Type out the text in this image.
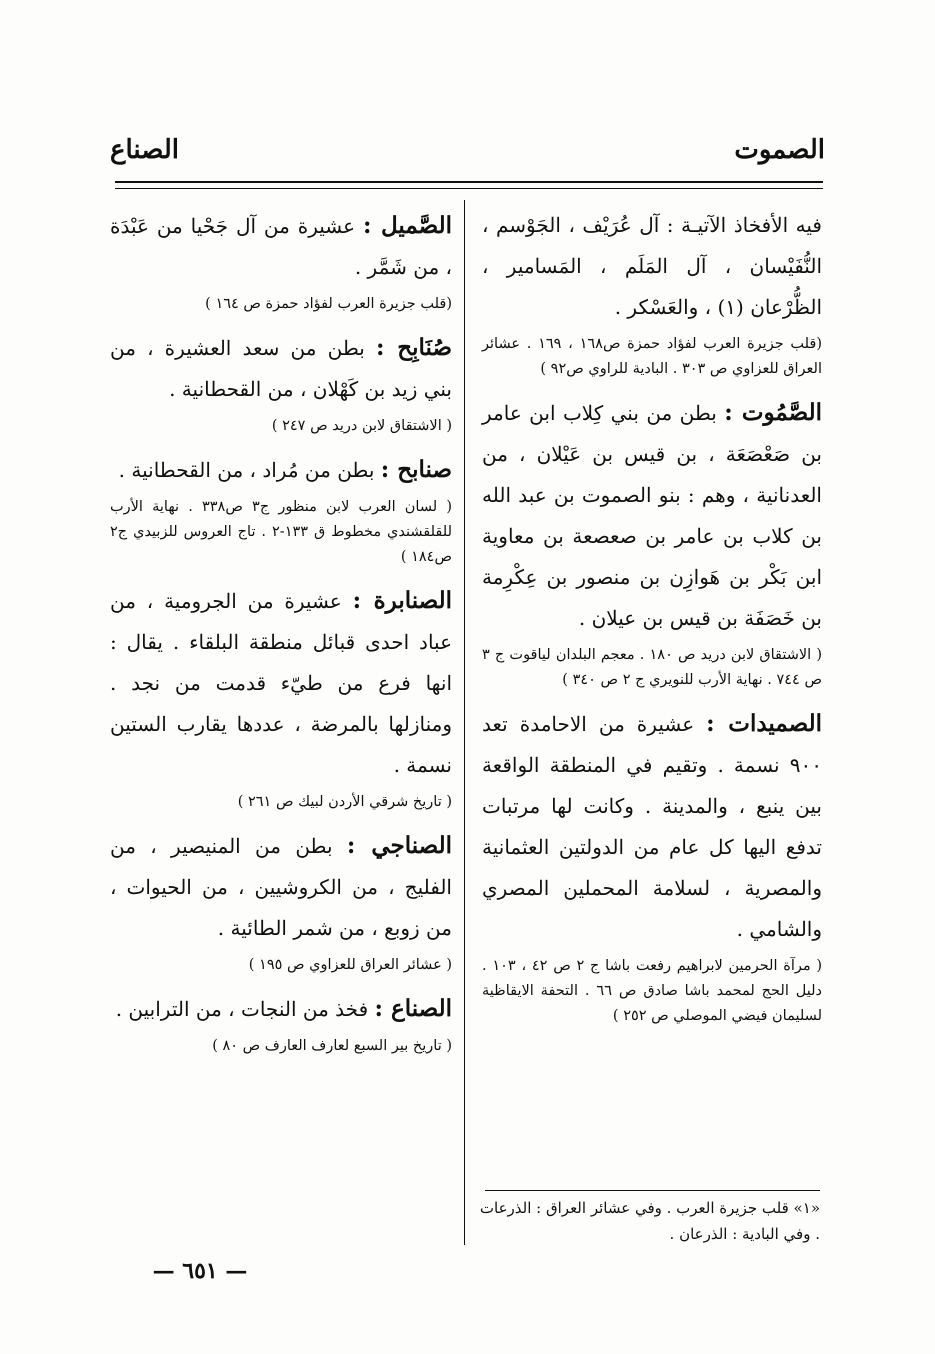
الصموت
الصناع
فيه الأفخاذ الآتيـة : آل عُرَيْف ، الجَوْسم ، النُّفَيْسان ، آل المَلَم ، المَسامير ، الظُّرْعان (١) ، والعَسْكر .
(قلب جزيرة العرب لفؤاد حمزة ص١٦٨ ، ١٦٩ . عشائر العراق للعزاوي ص ٣٠٣ . البادية للراوي ص٩٢ )
الصَّمُوت : بطن من بني كِلاب ابن عامر بن صَعْصَعَة ، بن قيس بن عَيْلان ، من العدنانية ، وهم : بنو الصموت بن عبد الله بن كلاب بن عامر بن صعصعة بن معاوية ابن بَكْر بن هَوازِن بن منصور بن عِكْرِمة بن خَصَفَة بن قيس بن عيلان .
( الاشتقاق لابن دريد ص ١٨٠ . معجم البلدان لياقوت ج ٣ ص ٧٤٤ . نهاية الأرب للنويري ج ٢ ص ٣٤٠ )
الصميدات : عشيرة من الاحامدة تعد ٩٠٠ نسمة . وتقيم في المنطقة الواقعة بين ينبع ، والمدينة . وكانت لها مرتبات تدفع اليها كل عام من الدولتين العثمانية والمصرية ، لسلامة المحملين المصري والشامي .
( مرآة الحرمين لابراهيم رفعت باشا ج ٢ ص ٤٢ ، ١٠٣ . دليل الحج لمحمد باشا صادق ص ٦٦ . التحفة الايقاظية لسليمان فيضي الموصلي ص ٢٥٢ )
«١» قلب جزيرة العرب . وفي عشائر العراق : الذرعات . وفي البادية : الذرعان .
الصَّميل : عشيرة من آل جَحْيا من عَبْدَة ، من شَمَّر .
(قلب جزيرة العرب لفؤاد حمزة ص ١٦٤ )
صُنَابِح : بطن من سعد العشيرة ، من بني زيد بن كَهْلان ، من القحطانية .
( الاشتقاق لابن دريد ص ٢٤٧ )
صنابح : بطن من مُراد ، من القحطانية .
( لسان العرب لابن منظور ج٣ ص٣٣٨ . نهاية الأرب للقلقشندي مخطوط ق ١٣٣-٢ . تاج العروس للزبيدي ج٢ ص١٨٤ )
الصنابرة : عشيرة من الجرومية ، من عباد احدى قبائل منطقة البلقاء . يقال : انها فرع من طيّء قدمت من نجد . ومنازلها بالمرضة ، عددها يقارب الستين نسمة .
( تاريخ شرقي الأردن لبيك ص ٢٦١ )
الصناجي : بطن من المنيصير ، من الفليج ، من الكروشيين ، من الحيوات ، من زوبع ، من شمر الطائية .
( عشائر العراق للعزاوي ص ١٩٥ )
الصناع : فخذ من النجات ، من الترابين .
( تاريخ بير السبع لعارف العارف ص ٨٠ )
— ٦٥١ —
